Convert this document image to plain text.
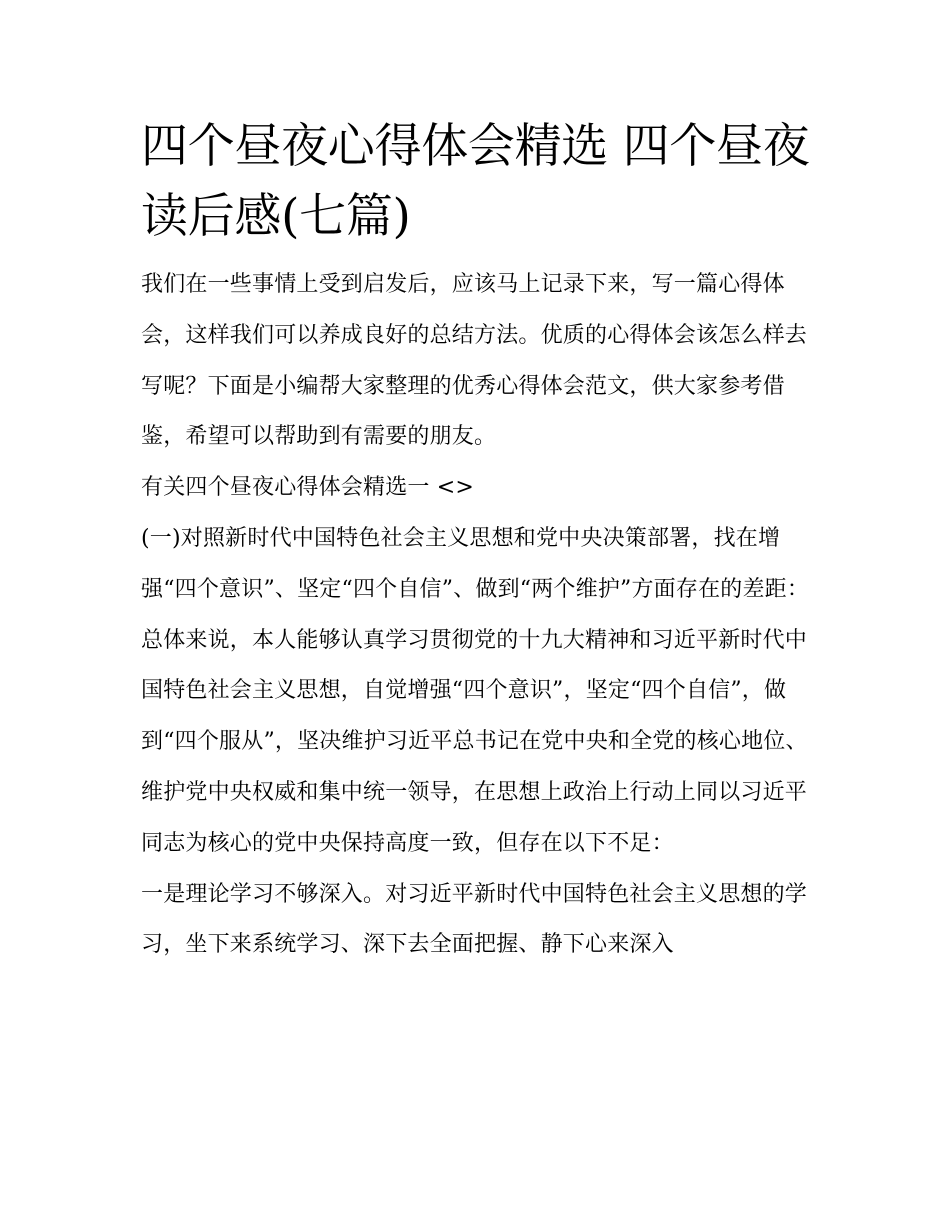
四个昼夜心得体会精选 四个昼夜读后感(七篇)

我们在一些事情上受到启发后，应该马上记录下来，写一篇心得体会，这样我们可以养成良好的总结方法。优质的心得体会该怎么样去写呢？下面是小编帮大家整理的优秀心得体会范文，供大家参考借鉴，希望可以帮助到有需要的朋友。

有关四个昼夜心得体会精选一 <>

(一)对照新时代中国特色社会主义思想和党中央决策部署，找在增强“四个意识”、坚定“四个自信”、做到“两个维护”方面存在的差距：

总体来说，本人能够认真学习贯彻党的十九大精神和习近平新时代中国特色社会主义思想，自觉增强“四个意识”，坚定“四个自信”，做到“四个服从”，坚决维护习近平总书记在党中央和全党的核心地位、维护党中央权威和集中统一领导，在思想上政治上行动上同以习近平同志为核心的党中央保持高度一致，但存在以下不足：

一是理论学习不够深入。对习近平新时代中国特色社会主义思想的学习，坐下来系统学习、深下去全面把握、静下心来深入
